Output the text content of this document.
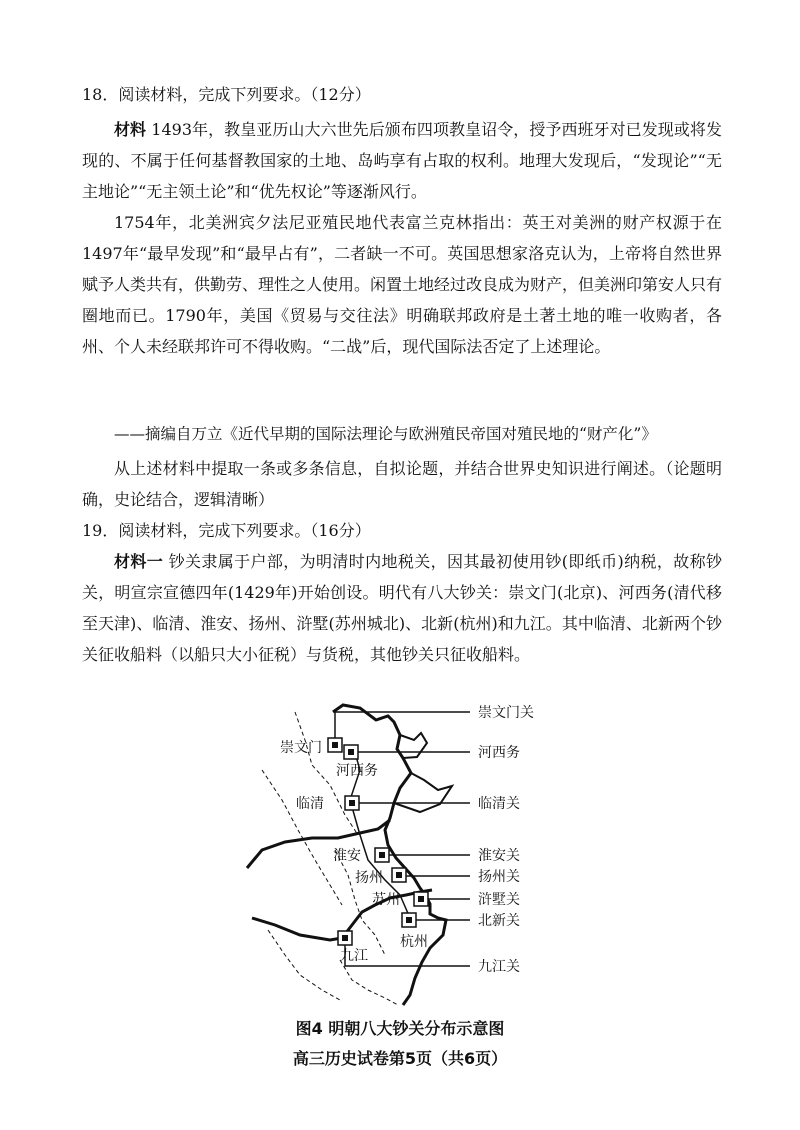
18．阅读材料，完成下列要求。（12分）
材料 1493年，教皇亚历山大六世先后颁布四项教皇诏令，授予西班牙对已发现或将发现的、不属于任何基督教国家的土地、岛屿享有占取的权利。地理大发现后，“发现论”“无主地论”“无主领土论”和“优先权论”等逐渐风行。
1754年，北美洲宾夕法尼亚殖民地代表富兰克林指出：英王对美洲的财产权源于在1497年“最早发现”和“最早占有”，二者缺一不可。英国思想家洛克认为，上帝将自然世界赋予人类共有，供勤劳、理性之人使用。闲置土地经过改良成为财产，但美洲印第安人只有圈地而已。1790年，美国《贸易与交往法》明确联邦政府是土著土地的唯一收购者，各州、个人未经联邦许可不得收购。“二战”后，现代国际法否定了上述理论。
——摘编自万立《近代早期的国际法理论与欧洲殖民帝国对殖民地的“财产化”》
从上述材料中提取一条或多条信息，自拟论题，并结合世界史知识进行阐述。（论题明确，史论结合，逻辑清晰）
19．阅读材料，完成下列要求。（16分）
材料一 钞关隶属于户部，为明清时内地税关，因其最初使用钞(即纸币)纳税，故称钞关，明宣宗宣德四年(1429年)开始创设。明代有八大钞关：崇文门(北京)、河西务(清代移至天津)、临清、淮安、扬州、浒墅(苏州城北)、北新(杭州)和九江。其中临清、北新两个钞关征收船料（以船只大小征税）与货税，其他钞关只征收船料。
崇文门关
河西务
临清关
淮安关
扬州关
浒墅关
北新关
九江关
崇文门
河西务
临清
淮安
扬州
苏州
杭州
九江
图4 明朝八大钞关分布示意图
高三历史试卷第5页（共6页）
